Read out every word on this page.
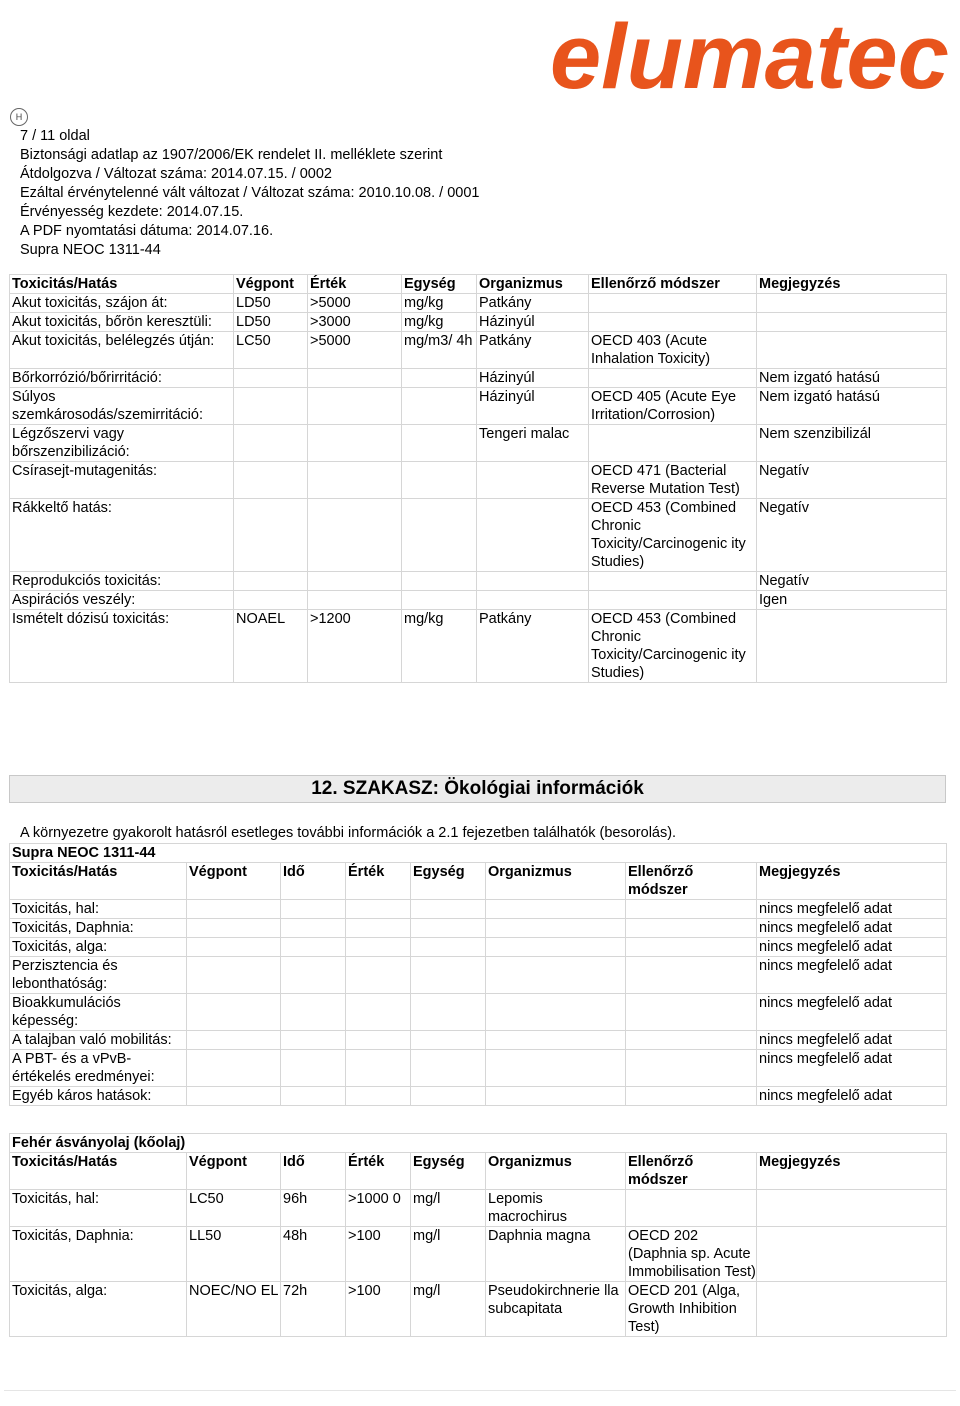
elumatec
H
7 / 11 oldal
Biztonsági adatlap az 1907/2006/EK rendelet II. melléklete szerint
Átdolgozva / Változat száma: 2014.07.15. / 0002
Ezáltal érvénytelenné vált változat / Változat száma: 2010.10.08. / 0001
Érvényesség kezdete: 2014.07.15.
A PDF nyomtatási dátuma: 2014.07.16.
Supra NEOC 1311-44
Toxicitás/Hatás	Végpont	Érték	Egység	Organizmus	Ellenőrző módszer	Megjegyzés
Akut toxicitás, szájon át:	LD50	>5000	mg/kg	Patkány		
Akut toxicitás, bőrön keresztüli:	LD50	>3000	mg/kg	Házinyúl		
Akut toxicitás, belélegzés útján:	LC50	>5000	mg/m3/ 4h	Patkány	OECD 403 (Acute Inhalation Toxicity)	
Bőrkorrózió/bőrirritáció:				Házinyúl		Nem izgató hatású
Súlyos szemkárosodás/szemirritáció:				Házinyúl	OECD 405 (Acute Eye Irritation/Corrosion)	Nem izgató hatású
Légzőszervi vagy bőrszenzibilizáció:				Tengeri malac		Nem szenzibilizál
Csírasejt-mutagenitás:					OECD 471 (Bacterial Reverse Mutation Test)	Negatív
Rákkeltő hatás:					OECD 453 (Combined Chronic Toxicity/Carcinogenic ity Studies)	Negatív
Reprodukciós toxicitás:						Negatív
Aspirációs veszély:						Igen
Ismételt dózisú toxicitás:	NOAEL	>1200	mg/kg	Patkány	OECD 453 (Combined Chronic Toxicity/Carcinogenic ity Studies)	
12. SZAKASZ: Ökológiai információk
A környezetre gyakorolt hatásról esetleges további információk a 2.1 fejezetben találhatók (besorolás).
Supra NEOC 1311-44							
Toxicitás/Hatás	Végpont	Idő	Érték	Egység	Organizmus	Ellenőrző módszer	Megjegyzés
Toxicitás, hal:							nincs megfelelő adat
Toxicitás, Daphnia:							nincs megfelelő adat
Toxicitás, alga:							nincs megfelelő adat
Perzisztencia és lebonthatóság:							nincs megfelelő adat
Bioakkumulációs képesség:							nincs megfelelő adat
A talajban való mobilitás:							nincs megfelelő adat
A PBT- és a vPvB-értékelés eredményei:							nincs megfelelő adat
Egyéb káros hatások:							nincs megfelelő adat
Fehér ásványolaj (kőolaj)							
Toxicitás/Hatás	Végpont	Idő	Érték	Egység	Organizmus	Ellenőrző módszer	Megjegyzés
Toxicitás, hal:	LC50	96h	>1000 0	mg/l	Lepomis macrochirus		
Toxicitás, Daphnia:	LL50	48h	>100	mg/l	Daphnia magna	OECD 202 (Daphnia sp. Acute Immobilisation Test)	
Toxicitás, alga:	NOEC/NO EL	72h	>100	mg/l	Pseudokirchnerie lla subcapitata	OECD 201 (Alga, Growth Inhibition Test)	
